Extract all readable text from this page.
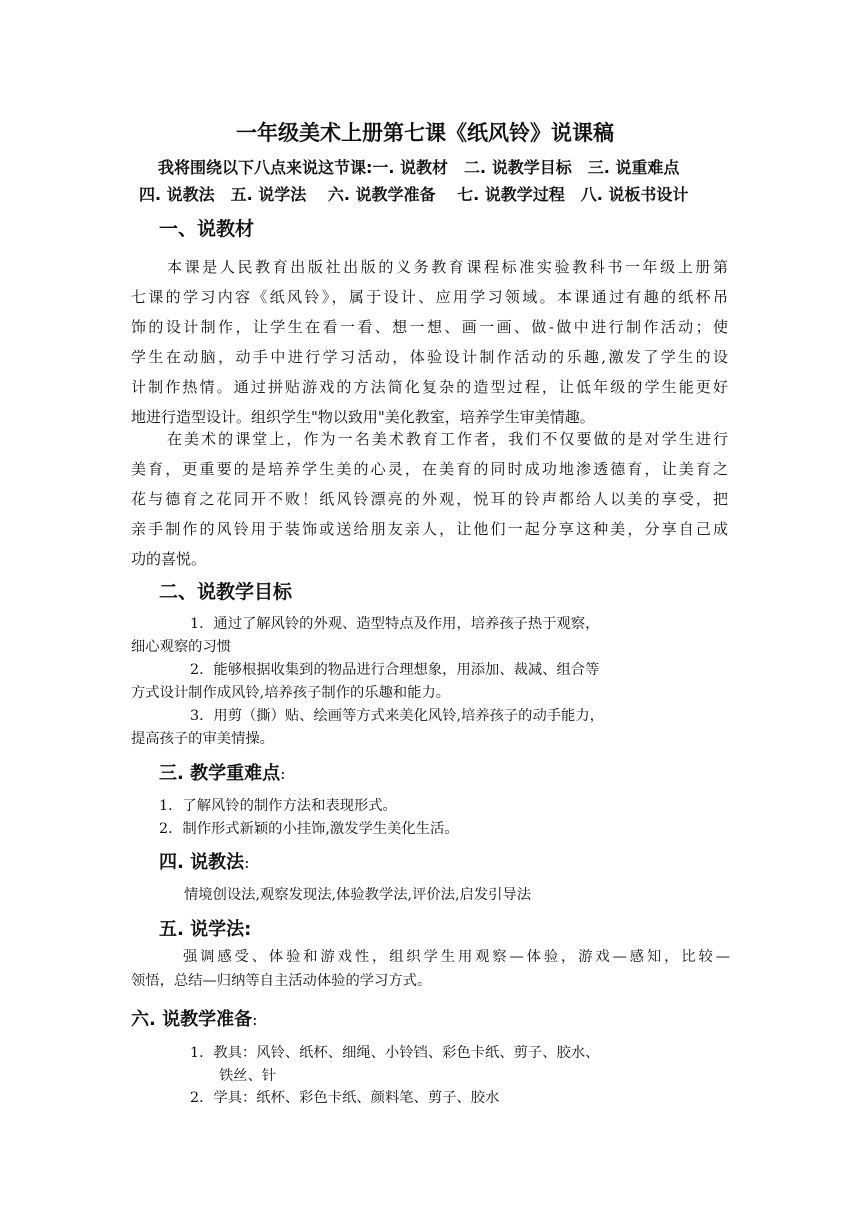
一年级美术上册第七课《纸风铃》说课稿
我将围绕以下八点来说这节课:一. 说教材　二. 说教学目标　三. 说重难点
四. 说教法　五. 说学法　 六. 说教学准备　 七. 说教学过程　八. 说板书设计
一、说教材
本课是人民教育出版社出版的义务教育课程标准实验教科书一年级上册第
七课的学习内容《纸风铃》，属于设计、应用学习领域。本课通过有趣的纸杯吊
饰的设计制作，让学生在看一看、想一想、画一画、做-做中进行制作活动；使
学生在动脑，动手中进行学习活动，体验设计制作活动的乐趣,激发了学生的设
计制作热情。通过拼贴游戏的方法简化复杂的造型过程，让低年级的学生能更好
地进行造型设计。组织学生"物以致用"美化教室，培养学生审美情趣。
在美术的课堂上，作为一名美术教育工作者，我们不仅要做的是对学生进行
美育，更重要的是培养学生美的心灵，在美育的同时成功地渗透德育，让美育之
花与德育之花同开不败！纸风铃漂亮的外观，悦耳的铃声都给人以美的享受，把
亲手制作的风铃用于装饰或送给朋友亲人，让他们一起分享这种美，分享自己成
功的喜悦。
二、说教学目标
1．通过了解风铃的外观、造型特点及作用，培养孩子热于观察，
细心观察的习惯
2．能够根据收集到的物品进行合理想象，用添加、裁减、组合等
方式设计制作成风铃,培养孩子制作的乐趣和能力。
3．用剪（撕）贴、绘画等方式来美化风铃,培养孩子的动手能力，
提高孩子的审美情操。
三. 教学重难点:
1．了解风铃的制作方法和表现形式。
2．制作形式新颖的小挂饰,激发学生美化生活。
四. 说教法:
情境创设法,观察发现法,体验教学法,评价法,启发引导法
五. 说学法:
强调感受、体验和游戏性，组织学生用观察—体验，游戏—感知，比较—
领悟，总结—归纳等自主活动体验的学习方式。
六. 说教学准备:
1．教具：风铃、纸杯、细绳、小铃铛、彩色卡纸、剪子、胶水、
铁丝、针
2．学具：纸杯、彩色卡纸、颜料笔、剪子、胶水
